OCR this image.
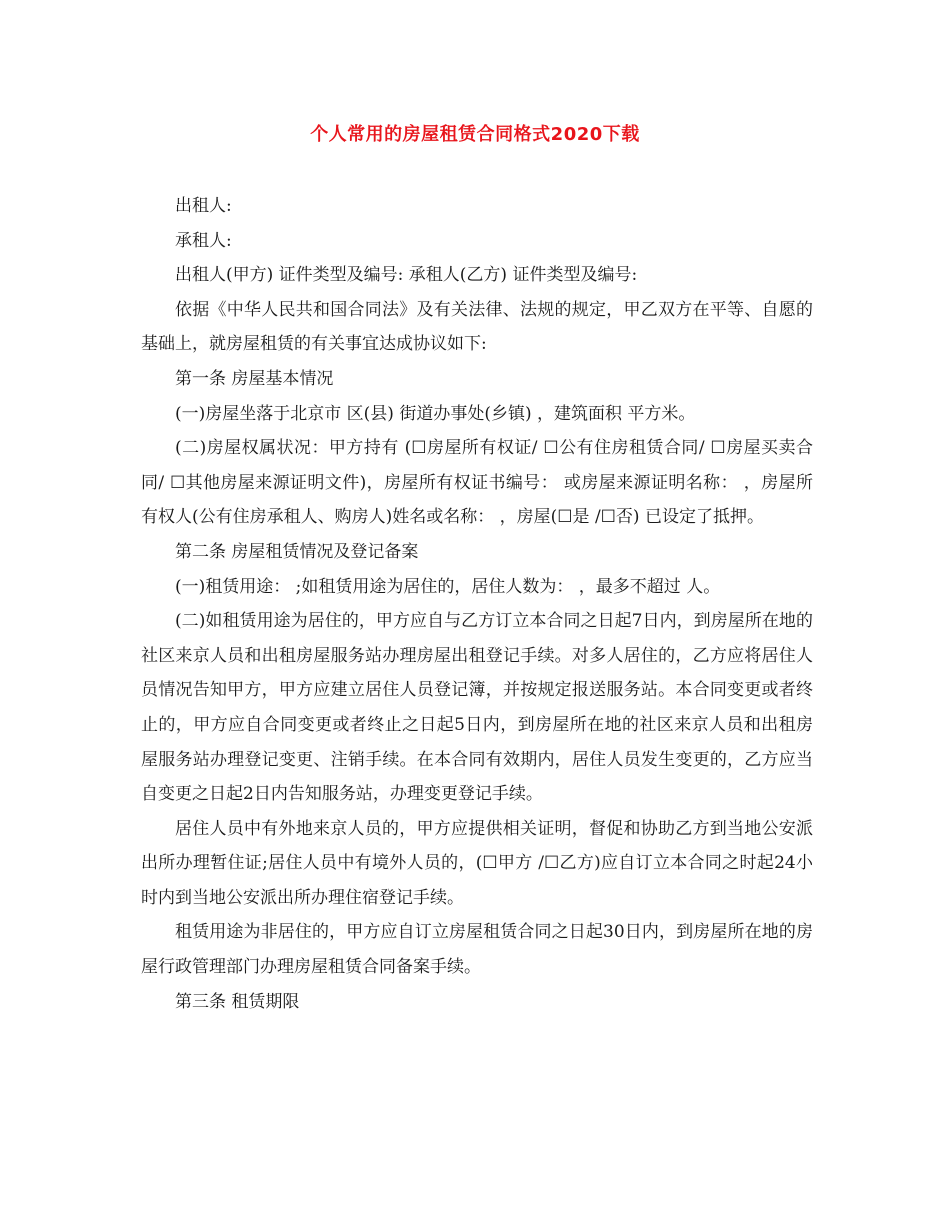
个人常用的房屋租赁合同格式2020下载

出租人:

承租人:

出租人(甲方) 证件类型及编号: 承租人(乙方) 证件类型及编号:

依据《中华人民共和国合同法》及有关法律、法规的规定，甲乙双方在平等、自愿的基础上，就房屋租赁的有关事宜达成协议如下:

第一条 房屋基本情况

(一)房屋坐落于北京市 区(县) 街道办事处(乡镇) ，建筑面积 平方米。

(二)房屋权属状况：甲方持有 (☐房屋所有权证/ ☐公有住房租赁合同/ ☐房屋买卖合同/ ☐其他房屋来源证明文件)，房屋所有权证书编号： 或房屋来源证明名称： ，房屋所有权人(公有住房承租人、购房人)姓名或名称： ，房屋(☐是 /☐否) 已设定了抵押。

第二条 房屋租赁情况及登记备案

(一)租赁用途： ;如租赁用途为居住的，居住人数为： ，最多不超过 人。

(二)如租赁用途为居住的，甲方应自与乙方订立本合同之日起7日内，到房屋所在地的社区来京人员和出租房屋服务站办理房屋出租登记手续。对多人居住的，乙方应将居住人员情况告知甲方，甲方应建立居住人员登记簿，并按规定报送服务站。本合同变更或者终止的，甲方应自合同变更或者终止之日起5日内，到房屋所在地的社区来京人员和出租房屋服务站办理登记变更、注销手续。在本合同有效期内，居住人员发生变更的，乙方应当自变更之日起2日内告知服务站，办理变更登记手续。

居住人员中有外地来京人员的，甲方应提供相关证明，督促和协助乙方到当地公安派出所办理暂住证;居住人员中有境外人员的，(☐甲方 /☐乙方)应自订立本合同之时起24小时内到当地公安派出所办理住宿登记手续。

租赁用途为非居住的，甲方应自订立房屋租赁合同之日起30日内，到房屋所在地的房屋行政管理部门办理房屋租赁合同备案手续。

第三条 租赁期限
